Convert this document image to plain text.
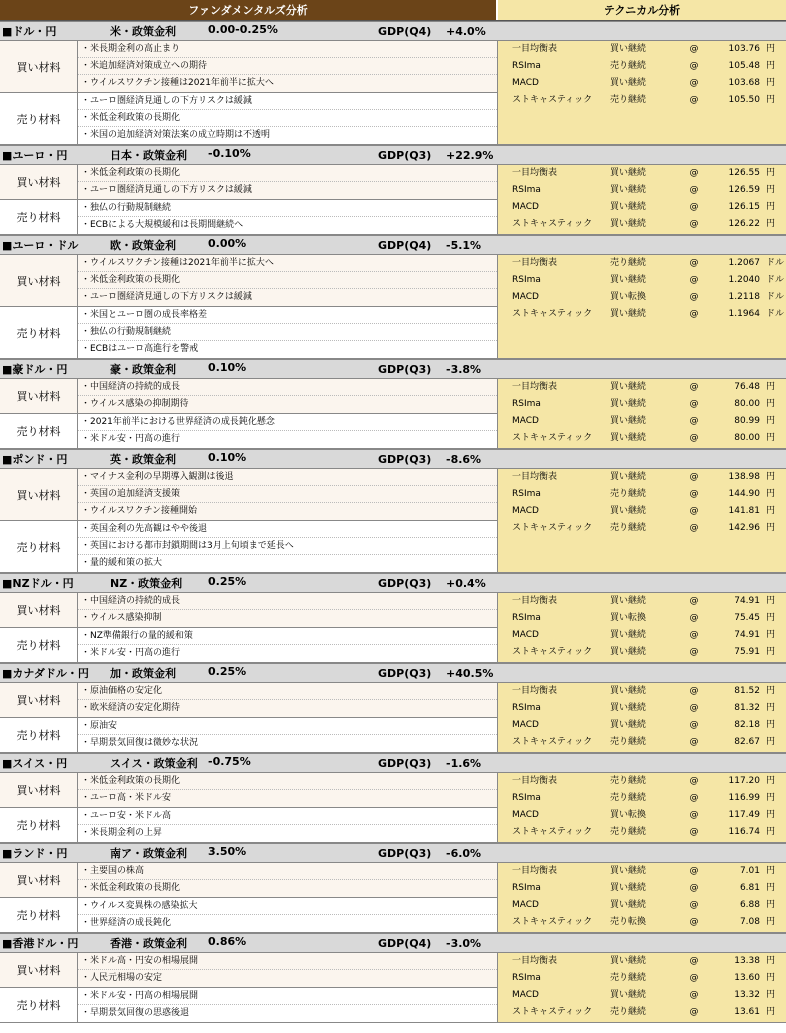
ファンダメンタルズ分析	テクニカル分析
■ドル・円	米・政策金利	0.00-0.25%	GDP(Q4)	+4.0%
買い材料
・米長期金利の高止まり
・米追加経済対策成立への期待
・ウイルスワクチン接種は2021年前半に拡大へ
売り材料
・ユーロ圏経済見通しの下方リスクは緩減
・米低金利政策の長期化
・米国の追加経済対策法案の成立時期は不透明
一目均衡表	買い継続	@	103.76 円
RSIma	売り継続	@	105.48 円
MACD	買い継続	@	103.68 円
ストキャスティック	売り継続	@	105.50 円
■ユーロ・円	日本・政策金利	-0.10%	GDP(Q3)	+22.9%
買い材料
・米低金利政策の長期化
・ユーロ圏経済見通しの下方リスクは緩減
売り材料
・独仏の行動規制継続
・ECBによる大規模緩和は長期間継続へ
一目均衡表	買い継続	@	126.55 円
RSIma	買い継続	@	126.59 円
MACD	買い継続	@	126.15 円
ストキャスティック	買い継続	@	126.22 円
■ユーロ・ドル	欧・政策金利	0.00%	GDP(Q4)	-5.1%
買い材料
・ウイルスワクチン接種は2021年前半に拡大へ
・米低金利政策の長期化
・ユーロ圏経済見通しの下方リスクは緩減
売り材料
・米国とユーロ圏の成長率格差
・独仏の行動規制継続
・ECBはユーロ高進行を警戒
一目均衡表	売り継続	@	1.2067 ドル
RSIma	買い継続	@	1.2040 ドル
MACD	買い転換	@	1.2118 ドル
ストキャスティック	買い継続	@	1.1964 ドル
■豪ドル・円	豪・政策金利	0.10%	GDP(Q3)	-3.8%
買い材料
・中国経済の持続的成長
・ウイルス感染の抑制期待
売り材料
・2021年前半における世界経済の成長鈍化懸念
・米ドル安・円高の進行
一目均衡表	買い継続	@	76.48 円
RSIma	買い継続	@	80.00 円
MACD	買い継続	@	80.99 円
ストキャスティック	買い継続	@	80.00 円
■ポンド・円	英・政策金利	0.10%	GDP(Q3)	-8.6%
買い材料
・マイナス金利の早期導入観測は後退
・英国の追加経済支援策
・ウイルスワクチン接種開始
売り材料
・英国金利の先高観はやや後退
・英国における都市封鎖期間は3月上旬頃まで延長へ
・量的緩和策の拡大
一目均衡表	買い継続	@	138.98 円
RSIma	売り継続	@	144.90 円
MACD	買い継続	@	141.81 円
ストキャスティック	売り継続	@	142.96 円
■NZドル・円	NZ・政策金利	0.25%	GDP(Q3)	+0.4%
買い材料
・中国経済の持続的成長
・ウイルス感染抑制
売り材料
・NZ準備銀行の量的緩和策
・米ドル安・円高の進行
一目均衡表	買い継続	@	74.91 円
RSIma	買い転換	@	75.45 円
MACD	買い継続	@	74.91 円
ストキャスティック	買い継続	@	75.91 円
■カナダドル・円	加・政策金利	0.25%	GDP(Q3)	+40.5%
買い材料
・原油価格の安定化
・欧米経済の安定化期待
売り材料
・原油安
・早期景気回復は微妙な状況
一目均衡表	買い継続	@	81.52 円
RSIma	買い継続	@	81.32 円
MACD	買い継続	@	82.18 円
ストキャスティック	売り継続	@	82.67 円
■スイス・円	スイス・政策金利 -0.75%	GDP(Q3)	-1.6%
買い材料
・米低金利政策の長期化
・ユーロ高・米ドル安
売り材料
・ユーロ安・米ドル高
・米長期金利の上昇
一目均衡表	売り継続	@	117.20 円
RSIma	売り継続	@	116.99 円
MACD	買い転換	@	117.49 円
ストキャスティック	売り継続	@	116.74 円
■ランド・円	南ア・政策金利	3.50%	GDP(Q3)	-6.0%
買い材料
・主要国の株高
・米低金利政策の長期化
売り材料
・ウイルス変異株の感染拡大
・世界経済の成長鈍化
一目均衡表	買い継続	@	7.01 円
RSIma	買い継続	@	6.81 円
MACD	買い継続	@	6.88 円
ストキャスティック	売り転換	@	7.08 円
■香港ドル・円	香港・政策金利	0.86%	GDP(Q4)	-3.0%
買い材料
・米ドル高・円安の相場展開
・人民元相場の安定
売り材料
・米ドル安・円高の相場展開
・早期景気回復の思惑後退
一目均衡表	買い継続	@	13.38 円
RSIma	売り継続	@	13.60 円
MACD	買い継続	@	13.32 円
ストキャスティック	売り継続	@	13.61 円
